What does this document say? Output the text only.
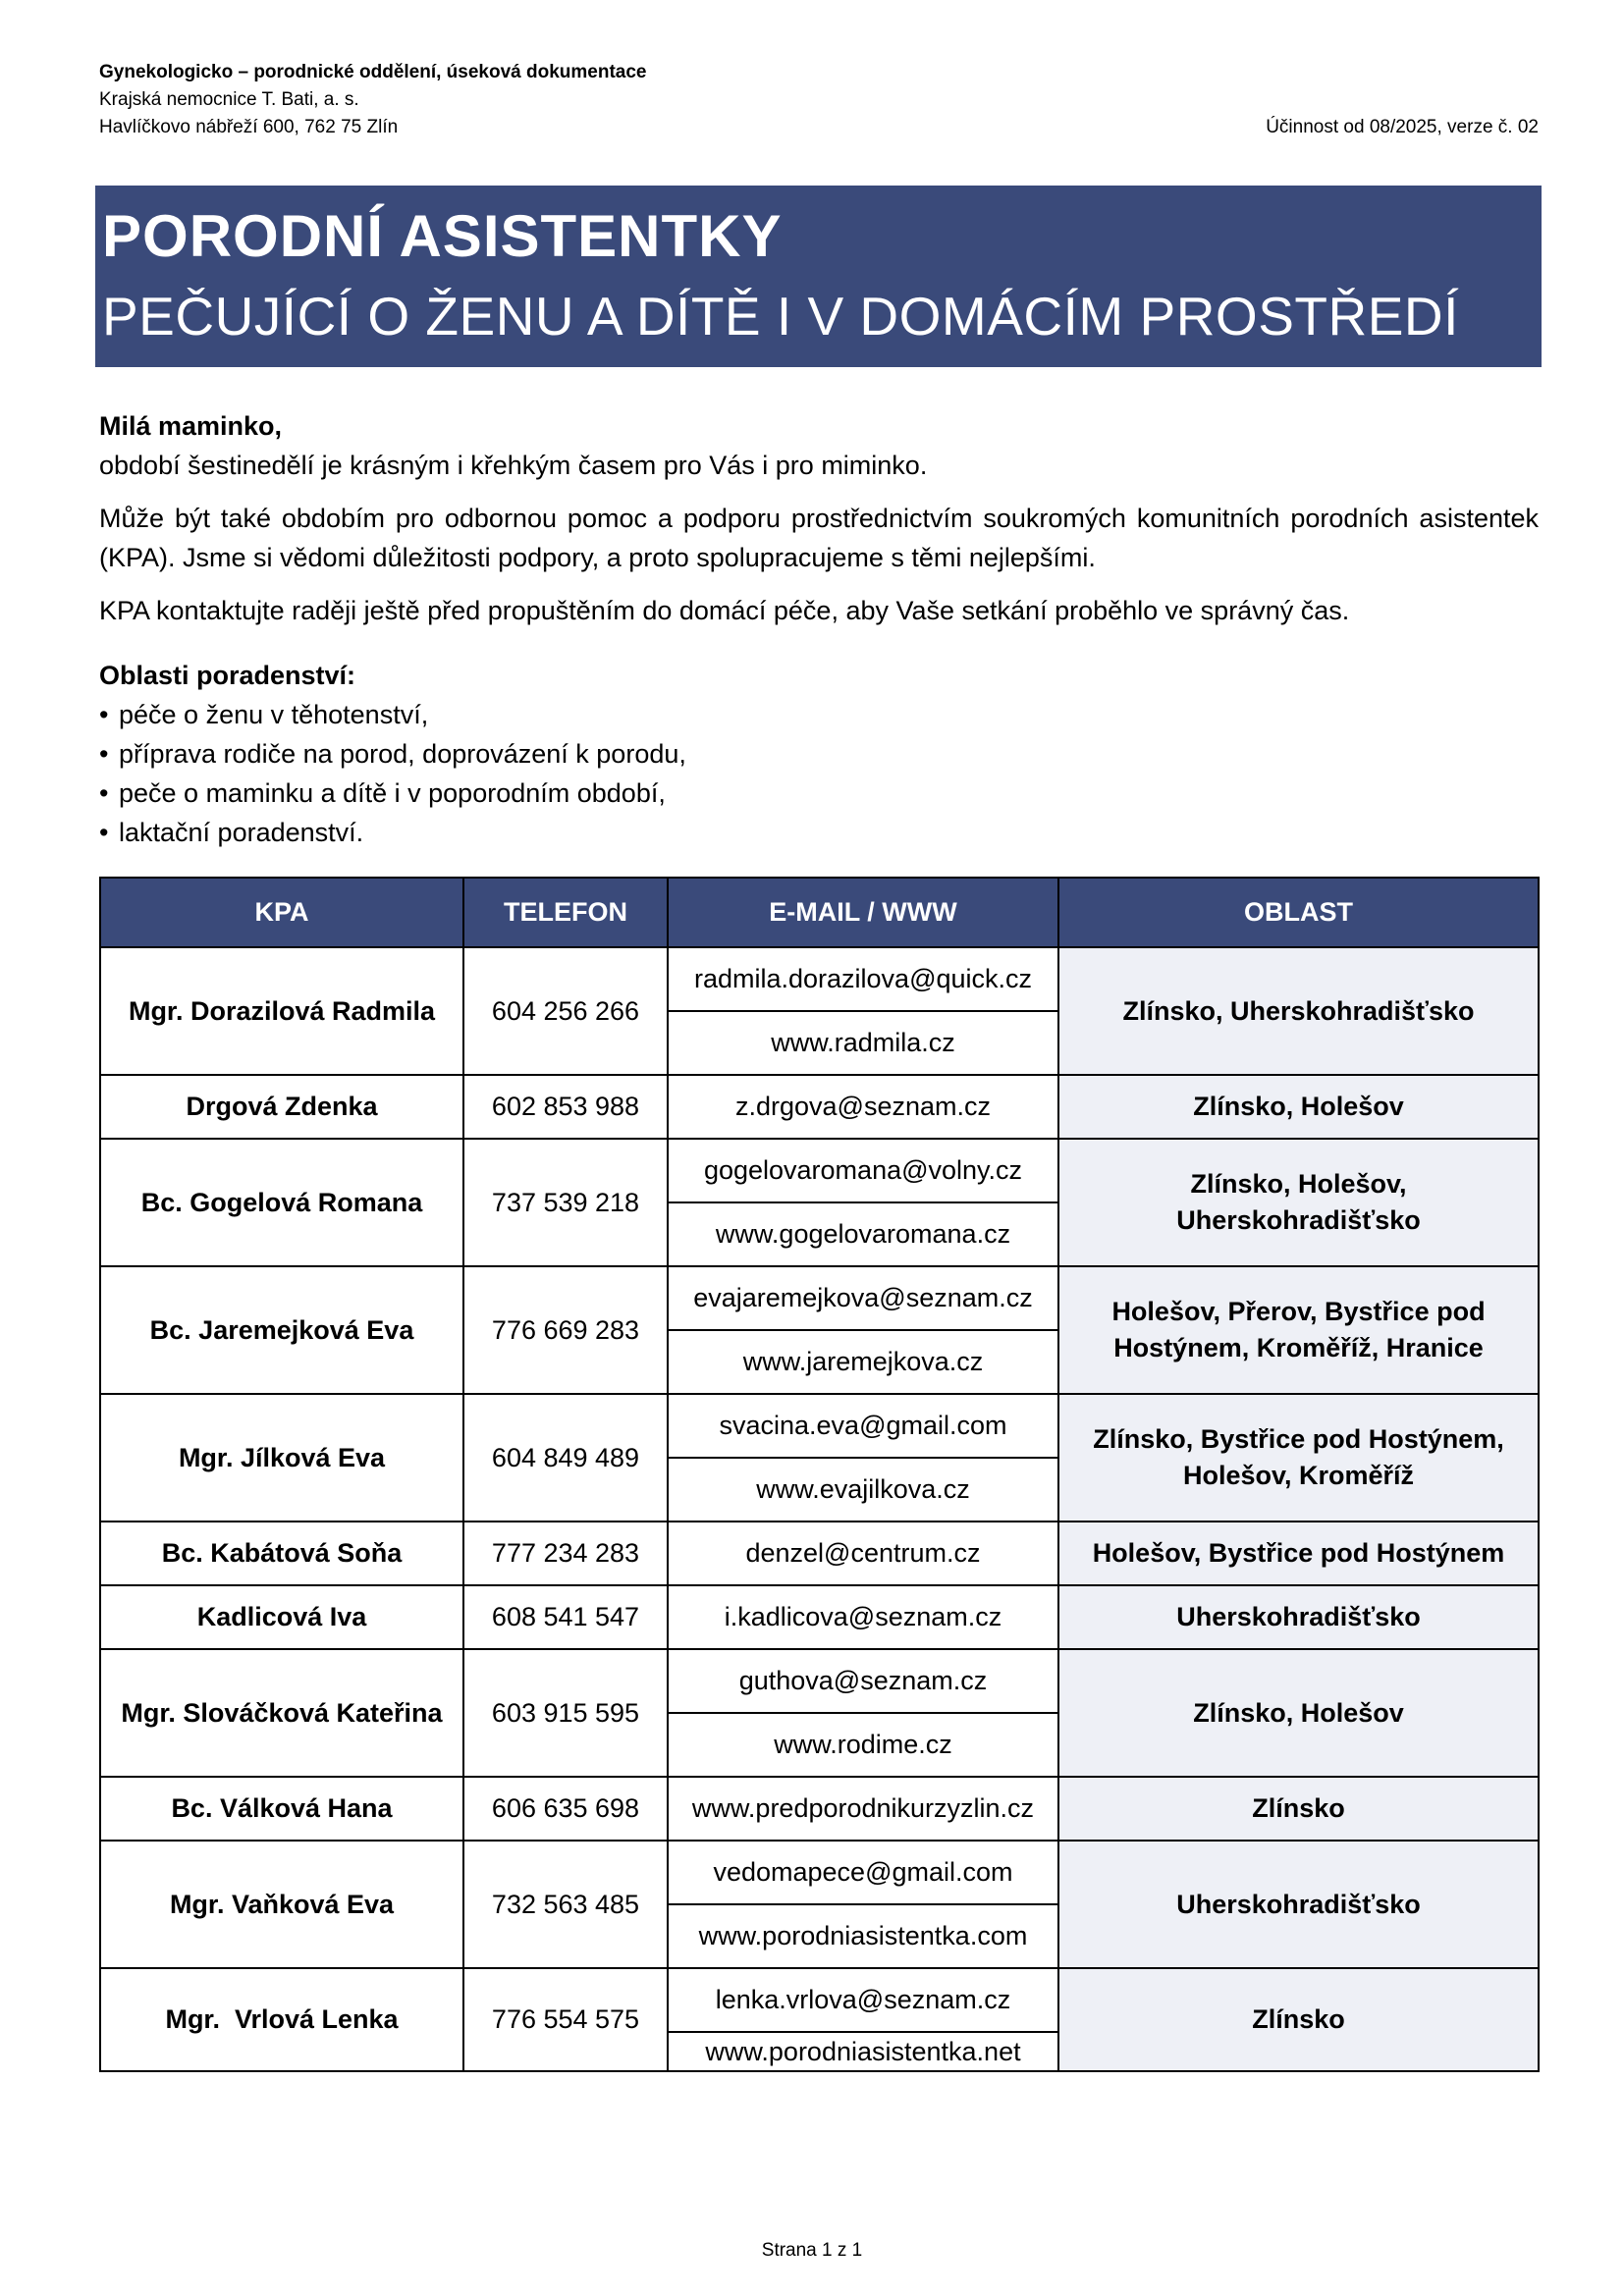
Gynekologicko – porodnické oddělení, úseková dokumentace
Krajská nemocnice T. Bati, a. s.
Havlíčkovo nábřeží 600, 762 75 Zlín	Účinnost od 08/2025, verze č. 02
PORODNÍ ASISTENTKY
PEČUJÍCÍ O ŽENU A DÍTĚ I V DOMÁCÍM PROSTŘEDÍ

Milá maminko,

období šestinedělí je krásným i křehkým časem pro Vás i pro miminko.

Může být také obdobím pro odbornou pomoc a podporu prostřednictvím soukromých komunitních porodních asistentek (KPA). Jsme si vědomi důležitosti podpory, a proto spolupracujeme s těmi nejlepšími.

KPA kontaktujte raději ještě před propuštěním do domácí péče, aby Vaše setkání proběhlo ve správný čas.

Oblasti poradenství:

• péče o ženu v těhotenství,
• příprava rodiče na porod, doprovázení k porodu,
• peče o maminku a dítě i v poporodním období,
• laktační poradenství.
KPA	TELEFON	E-MAIL / WWW	OBLAST
Mgr. Dorazilová Radmila	604 256 266	radmila.dorazilova@quick.cz	Zlínsko, Uherskohradišťsko
		www.radmila.cz	
Drgová Zdenka	602 853 988	z.drgova@seznam.cz	Zlínsko, Holešov
Bc. Gogelová Romana	737 539 218	gogelovaromana@volny.cz	Zlínsko, Holešov, Uherskohradišťsko
		www.gogelovaromana.cz	
Bc. Jaremejková Eva	776 669 283	evajaremejkova@seznam.cz	Holešov, Přerov, Bystřice pod Hostýnem, Kroměříž, Hranice
		www.jaremejkova.cz	
Mgr. Jílková Eva	604 849 489	svacina.eva@gmail.com	Zlínsko, Bystřice pod Hostýnem, Holešov, Kroměříž
		www.evajilkova.cz	
Bc. Kabátová Soňa	777 234 283	denzel@centrum.cz	Holešov, Bystřice pod Hostýnem
Kadlicová Iva	608 541 547	i.kadlicova@seznam.cz	Uherskohradišťsko
Mgr. Slováčková Kateřina	603 915 595	guthova@seznam.cz	Zlínsko, Holešov
		www.rodime.cz	
Bc. Válková Hana	606 635 698	www.predporodnikurzyzlin.cz	Zlínsko
Mgr. Vaňková Eva	732 563 485	vedomapece@gmail.com	Uherskohradišťsko
		www.porodniasistentka.com	
Mgr.  Vrlová Lenka	776 554 575	lenka.vrlova@seznam.cz	Zlínsko
		www.porodniasistentka.net	
Strana 1 z 1
